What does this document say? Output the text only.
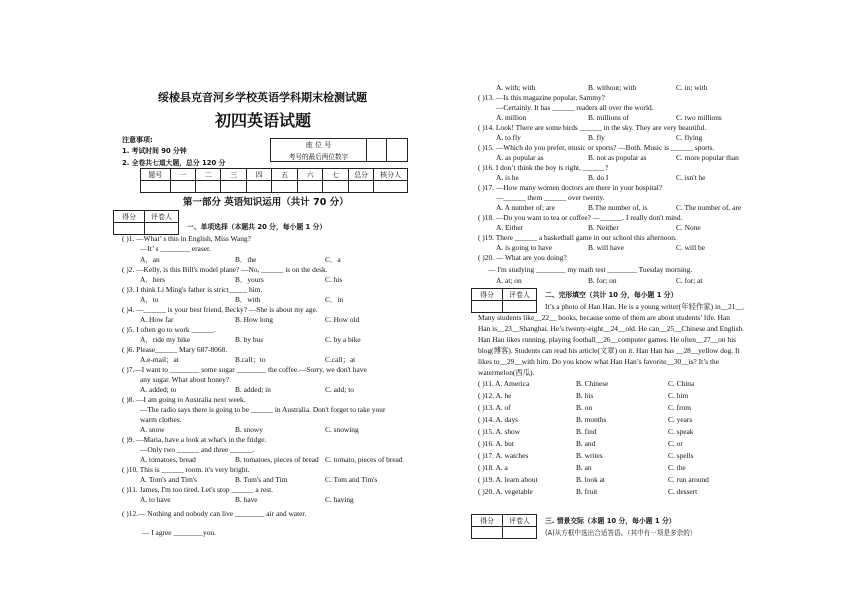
绥棱县克音河乡学校英语学科期末检测试题
初四英语试题
注意事项:
1. 考试时间 90 分钟
2. 全卷共七道大题，总分 120 分
座 位 号		
考号的最后两位数字
题号	一	二	三	四	五	六	七	总分	核分人

第一部分 英语知识运用（共计 70 分）
得分	评卷人

一、单项选择（本题共 20 分，每小题 1 分）
( )1. —What’ s this in English, Miss Wang?
—It’ s ________ eraser.
A．an	B．the	C．a
( )2. —Kelly, is this Bill's model plane? —No, ______ is on the desk.
A．hers	B．yours	C. his
( )3. I think Li Ming's father is strict_____ him.
A．to	B．with	C．in
( )4. —______ is your best friend, Becky? —She is about my age.
A. How far	B. How long	C. How old
( )5. I often go to work ______.
A．ride my bike	B. by bus	C. by a bike
( )6. Please______ Mary 687-8068.
A.e-mail；at	B.call；to	C.call；at
( )7.—I want to ________ some sugar ________ the coffee.—Sorry, we don't have
any sugar. What about honey?
A. added; to	B. added; in	C. add; to
( )8. —I am going to Australia next week.
—The radio says there is going to be ______ in Australia. Don't forget to take your
warm clothes.
A. snow	B. snowy	C. snowing
( )9. —Maria, have a look at what's in the fridge.
—Only two ______ and three ______.
A. tomatoes, bread	B. tomatoes, pieces of bread C. tomato, pieces of bread
( )10. This is ______ room. it's very bright.
A. Tom's and Tim's	B. Tom's and Tim	C. Tom and Tim's
( )11. James, I'm too tired. Let's stop ______ a rest.
A. to have	B. have	C. having
( )12.— Nothing and nobody can live ________ air and water.
— I agree ________you.
A. with; with	B. without; with	C. in; with
( )13. —Is this magazine popular, Sammy?
—Certainly. It has ______ readers all over the world.
A. million	B. millions of	C. two millions
( )14. Look! There are some birds ______ in the sky. They are very beautiful.
A. to fly	B. fly	C. flying
( )15. —Which do you prefer, music or sports? —Both. Music is ______ sports.
A. as popular as	B. not as popular as	C. more popular than
( )16. I don’t think the boy is right, ______?
A. is he	B. do I	C. isn't he
( )17. —How many women doctors are there in your hospital?
—______ them ______ over twenty.
A. A number of; are	B.The number of, is	C. The number of, are
( )18. —Do you want to tea or coffee? —______. I really don't mind.
A. Either	B. Neither	C. None
( )19. There ______ a basketball game in our school this afternoon.
A. is going to have	B. will have	C. will be
( )20. — What are you doing?
— I'm studying ________ my math test ________ Tuesday morning.
A. at; on	B. for; on	C. for; at
得分	评卷人
	二、完形填空（共计 10 分，每小题 1 分）
It’s a photo of Han Han. He is a young writer(年轻作家) in__21__.
Many students like__22__ books, because some of them are about students’ life. Han
Han is__23__Shanghai. He’s twenty-eight__24__old. He can__25__Chinese and English.
Han Han likes running, playing football__26__computer games. He often__27__on his
blog(博客). Students can read his article(文章) on it. Han Han has __28__yellow dog. It
likes to__29__with him. Do you know what Han Han’s favorite__30__is? It’s the
watermelon(西瓜).
( )11. A. America	B. Chinese	C. China
( )12. A. he	B. his	C. him
( )13. A. of	B. on	C. from
( )14. A. days	B. months	C. years
( )15. A. show	B. find	C. speak
( )16. A. but	B. and	C. or
( )17. A. watches	B. writes	C. spells
( )18. A. a	B. an	C. the
( )19. A. learn about	B. look at	C. run around
( )20. A. vegetable	B. fruit	C. dessert
得分	评卷人
	三. 情景交际（本题 10 分，每小题 1 分）
(A)从方框中选出合适答语。（其中有一项是多余的）
